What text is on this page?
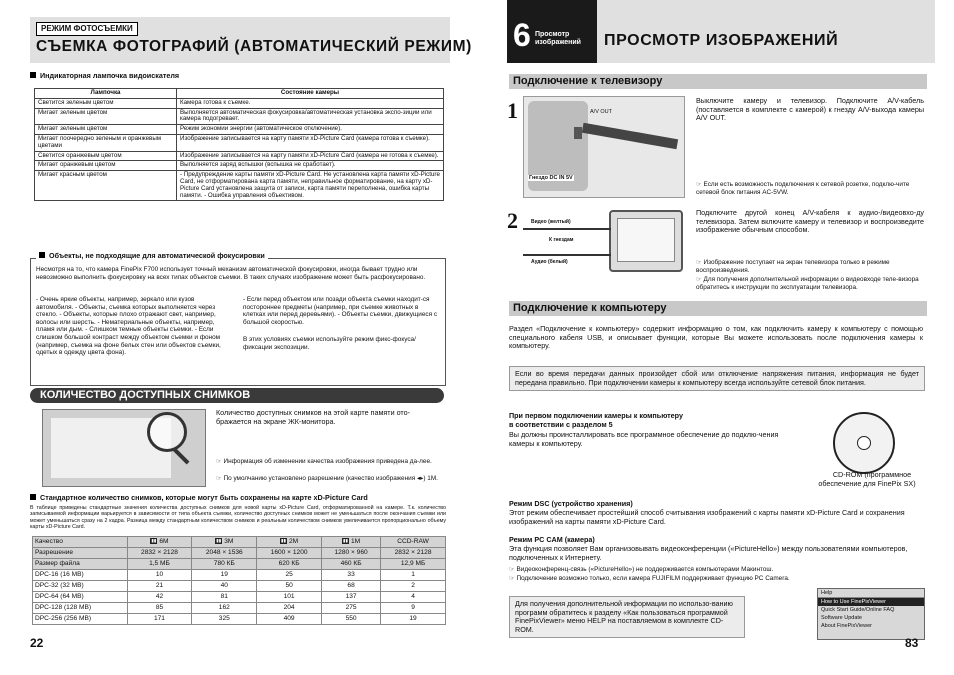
РЕЖИМ ФОТОСЪЕМКИ
СЪЕМКА ФОТОГРАФИЙ (АВТОМАТИЧЕСКИЙ РЕЖИМ)
Индикаторная лампочка видоискателя
Лампочка	Состояние камеры
Светится зеленым цветом	Камера готова к съемке.
Мигает зеленым цветом	Выполняется автоматическая фокусировка/автоматическая установка экспо-зиции или камера подогревает.
Мигает зеленым цветом	Режим экономии энергии (автоматическое отключение).
Мигает поочередно зеленым и оранжевым цветами	Изображение записывается на карту памяти xD-Picture Card (камера готова к съемке).
Светится оранжевым цветом	Изображение записывается на карту памяти xD-Picture Card (камера не готова к съемке).
Мигает оранжевым цветом	Выполняется заряд вспышки (вспышка не сработает).
Мигает красным цветом	- Предупреждение карты памяти xD-Picture Card. Не установлена карта памяти xD-Picture Card, не отформатирована карта памяти, неправильное форматирование, на карту xD-Picture Card установлена защита от записи, карта памяти переполнена, ошибка карты памяти. - Ошибка управления объективом.
Объекты, не подходящие для автоматической фокусировки
Несмотря на то, что камера FinePix F700 использует точный механизм автоматической фокусировки, иногда бывает трудно или невозможно выполнить фокусировку на всех типах объектов съемки. В таких случаях изображение может быть расфокусировано.
- Очень яркие объекты, например, зеркало или кузов автомобиля. - Объекты, съемка которых выполняется через стекло. - Объекты, которые плохо отражают свет, например, волосы или шерсть. - Нематериальные объекты, например, пламя или дым. - Слишком темные объекты съемки. - Если слишком большой контраст между объектом съемки и фоном (например, съемка на фоне белых стен или объектов съемки, одетых в одежду цвета фона).
- Если перед объектом или позади объекта съемки находит-ся постороннее предметы (например, при съемке животных в клетках или перед деревьями). - Объекты съемки, движущиеся с большой скоростью.
В этих условиях съемки используйте режим фикс-фокуса/фиксации экспозиции.
КОЛИЧЕСТВО ДОСТУПНЫХ СНИМКОВ
Количество доступных снимков на этой карте памяти ото-бражается на экране ЖК-монитора.
☞ Информация об изменении качества изображения приведена да-лее.
☞ По умолчанию установлено разрешение (качество изображения ◂▸) 1М.
Стандартное количество снимков, которые могут быть сохранены на карте xD-Picture Card
В таблице приведены стандартные значения количества доступных снимков для новой карты xD-Picture Card, отформатированной на камере. Т.к. количество записываемой информации варьируется в зависимости от типа объекта съемки, количество доступных снимков может не уменьшаться после окончания съемки или может уменьшаться сразу на 2 кадра. Разница между стандартным количеством снимков и реальным количеством снимков увеличивается пропорционально объему карты xD-Picture Card.
Качество	▮▮ 6M	▮▮ 3M	▮▮ 2M	▮▮ 1M	CCD-RAW
Разрешение	2832 × 2128	2048 × 1536	1600 × 1200	1280 × 960	2832 × 2128
Размер файла	1,5 МБ	780 КБ	620 КБ	460 КБ	12,9 МБ
DPC-16 (16 MB)	10	19	25	33	1
DPC-32 (32 MB)	21	40	50	68	2
DPC-64 (64 MB)	42	81	101	137	4
DPC-128 (128 MB)	85	162	204	275	9
DPC-256 (256 MB)	171	325	409	550	19
22
6 Просмотр изображений	ПРОСМОТР ИЗОБРАЖЕНИЙ
Подключение к телевизору
1	A/V OUT
Гнездо DC IN 5V
Выключите камеру и телевизор. Подключите A/V-кабель (поставляется в комплекте с камерой) к гнезду A/V-выхода камеры A/V OUT.
☞ Если есть возможность подключения к сетевой розетке, подклю-чите сетевой блок питания AC-5VW.
2	Видео (желтый)
К гнездам
Аудио (белый)
Подключите другой конец A/V-кабеля к аудио-/видеовхо-ду телевизора. Затем включите камеру и телевизор и воспроизведите изображение обычным способом.
☞ Изображение поступает на экран телевизора только в режиме воспроизведения.
☞ Для получения дополнительной информации о видеовходе теле-визора обратитесь к инструкции по эксплуатации телевизора.
Подключение к компьютеру
Раздел «Подключение к компьютеру» содержит информацию о том, как подключить камеру к компьютеру с помощью специального кабеля USB, и описывает функции, которые Вы можете использовать после подключения камеры к компьютеру.
Если во время передачи данных произойдет сбой или отключение напряжения питания, информация не будет передана правильно. При подключении камеры к компьютеру всегда используйте сетевой блок питания.
При первом подключении камеры к компьютеру
в соответствии с разделом 5
Вы должны проинсталлировать все программное обеспечение до подклю-чения камеры к компьютеру.
CD-ROM (программное
обеспечение для FinePix SX)
Режим DSC (устройство хранения)
Этот режим обеспечивает простейший способ считывания изображений с карты памяти xD-Picture Card и сохранения изображений на карты памяти xD-Picture Card.
Режим PC CAM (камера)
Эта функция позволяет Вам организовывать видеоконференции («PictureHello») между пользователями компьютеров, подключенных к Интернету.
☞ Видеоконференц-связь («PictureHello») не поддерживается компьютерами Макинтош.
☞ Подключение возможно только, если камера FUJIFILM поддерживает функцию PC Camera.
Для получения дополнительной информации по использо-ванию программ обратитесь к разделу «Как пользоваться программой FinePixViewer» меню HELP на поставляемом в комплекте CD-ROM.
Help
How to Use FinePixViewer
Quick Start Guide/Online FAQ
Software Update
About FinePixViewer
83
